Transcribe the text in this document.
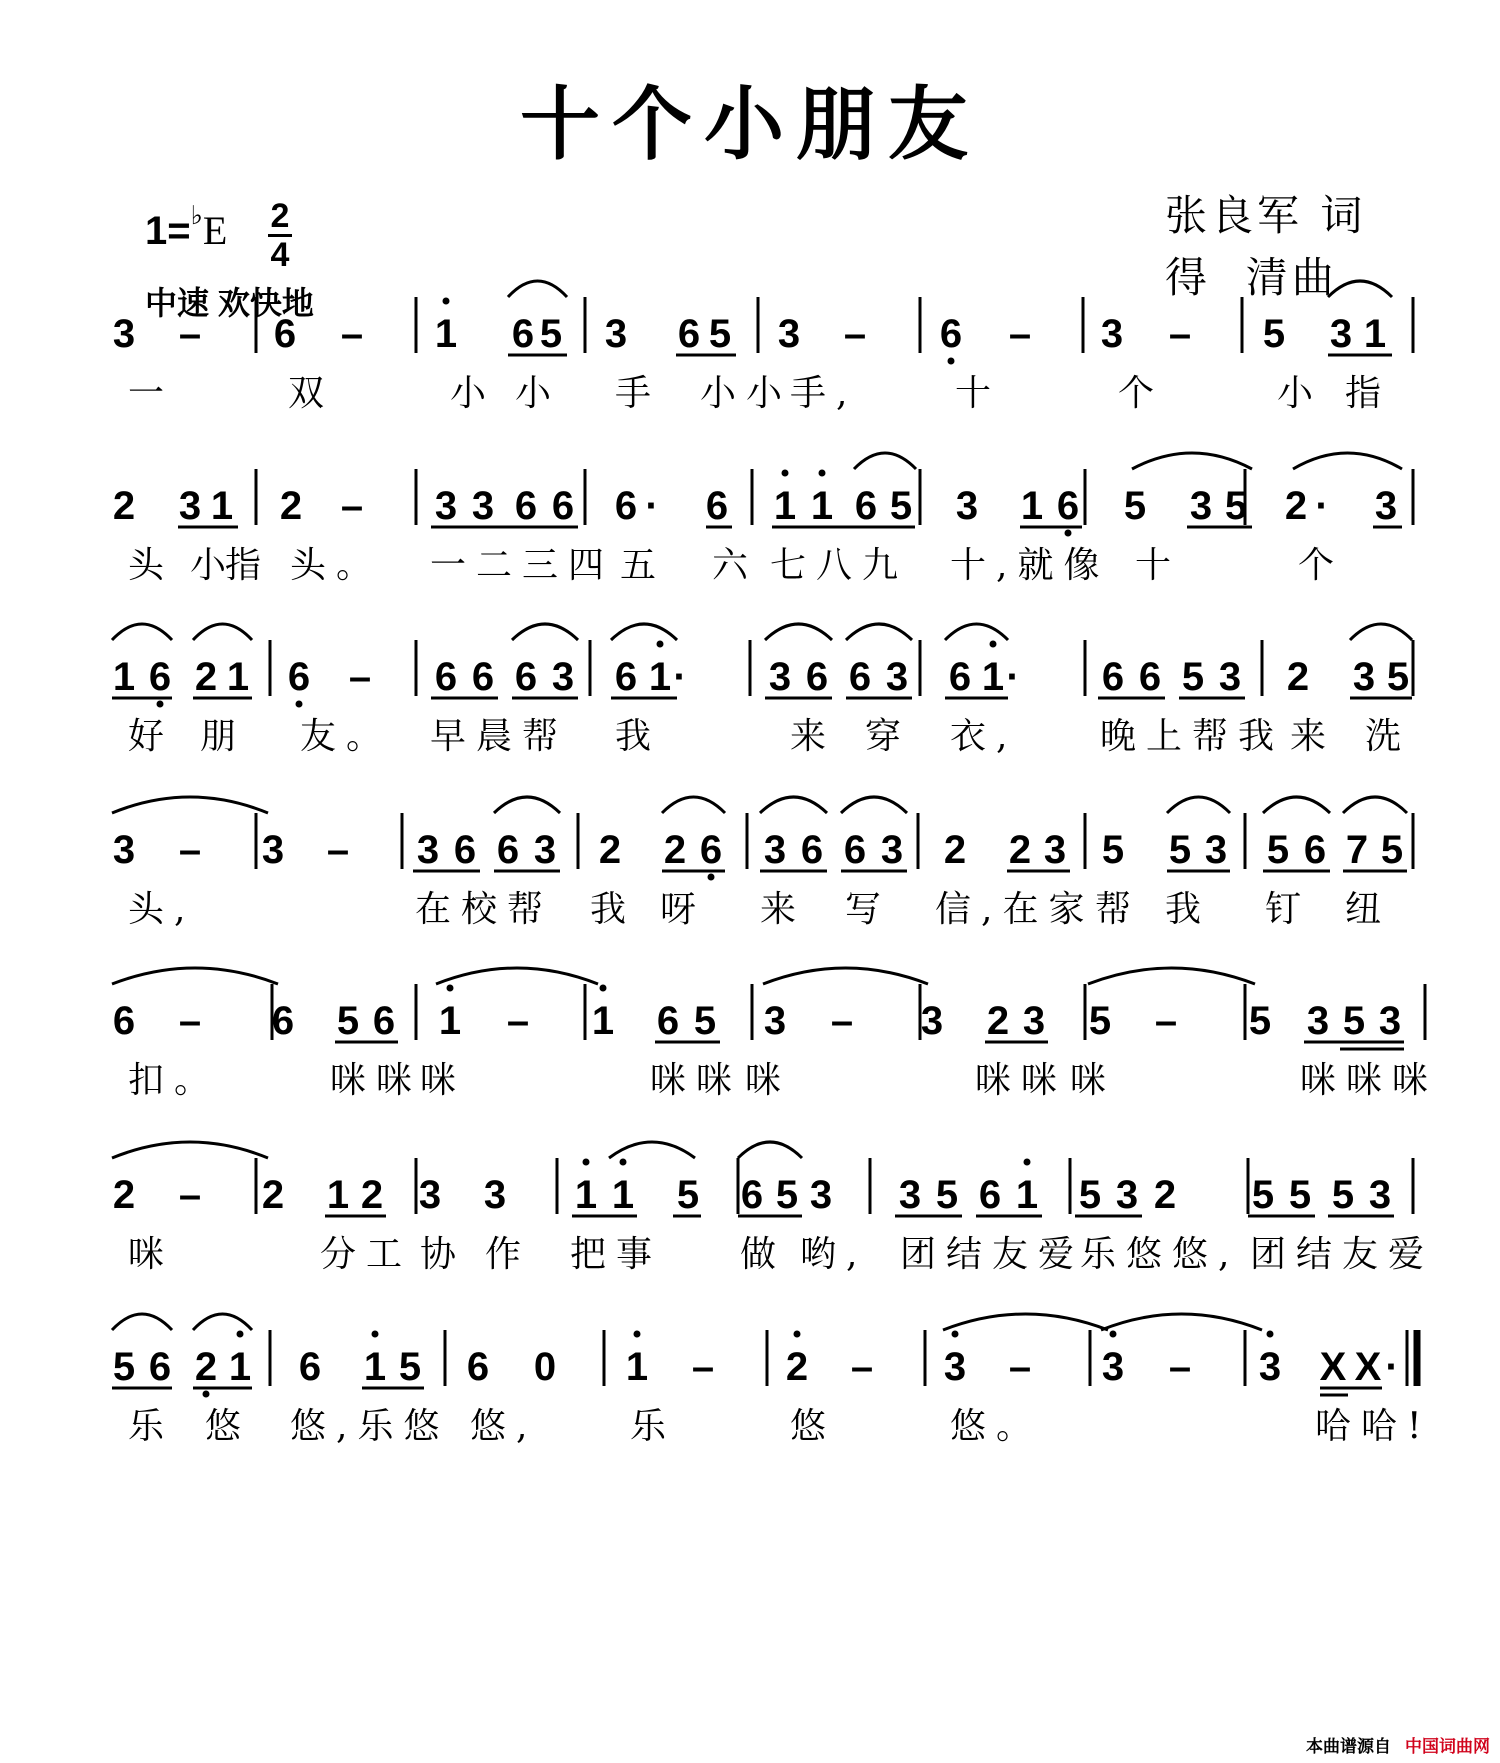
十个小朋友
$1=^♭E \frac{2}{4}$
中速 欢快地
张良军 词
得  清曲
3 – 6 – 1 6 5 3 6 5 3 – 6 – 3 – 5 3 1
一	双	小 小 手 小小
手,	十	个	小 指
2 3 1 2 – 3 3 6 6 6 · 6 1 1 6 5 3 1 6 5 3 5 2 · 3
头 小
指 头。 一二三四 五 六 七八九 十,就像 十	个
1 6 2 1 6 – 6 6 6 3 6 1 · 3 6 6 3 6 1 · 6 6 5 3 2 3 5
好 朋 友。 早晨帮 我	来 穿 衣, 晚上帮我 来 洗
3 – 3 – 3 6 6 3 2 2 6 3 6 6 3 2 2 3 5 5 3 5 6 7 5
头,	在校帮 我 呀 来 写 信,在家 帮 我 钉 纽
6 – 6 5 6 1 – 1 6 5 3 – 3 2 3 5 – 5 3 5 3
扣。	咪咪
咪	咪咪 咪	咪咪 咪	咪咪咪
2 – 2 1 2 3 3 1 1 5 6 5 3 3 5 6 1 5 3 2 5 5 5 3
咪	分工 协 作 把事 做 哟, 团结友爱
乐悠悠, 团结友爱
5 6 2 1 6 1 5 6 0 1 – 2 – 3 – 3 – 3 X X ·
乐 悠 悠,乐悠 悠,	乐	悠	悠。	哈哈!
本曲谱源自 中国词曲网
